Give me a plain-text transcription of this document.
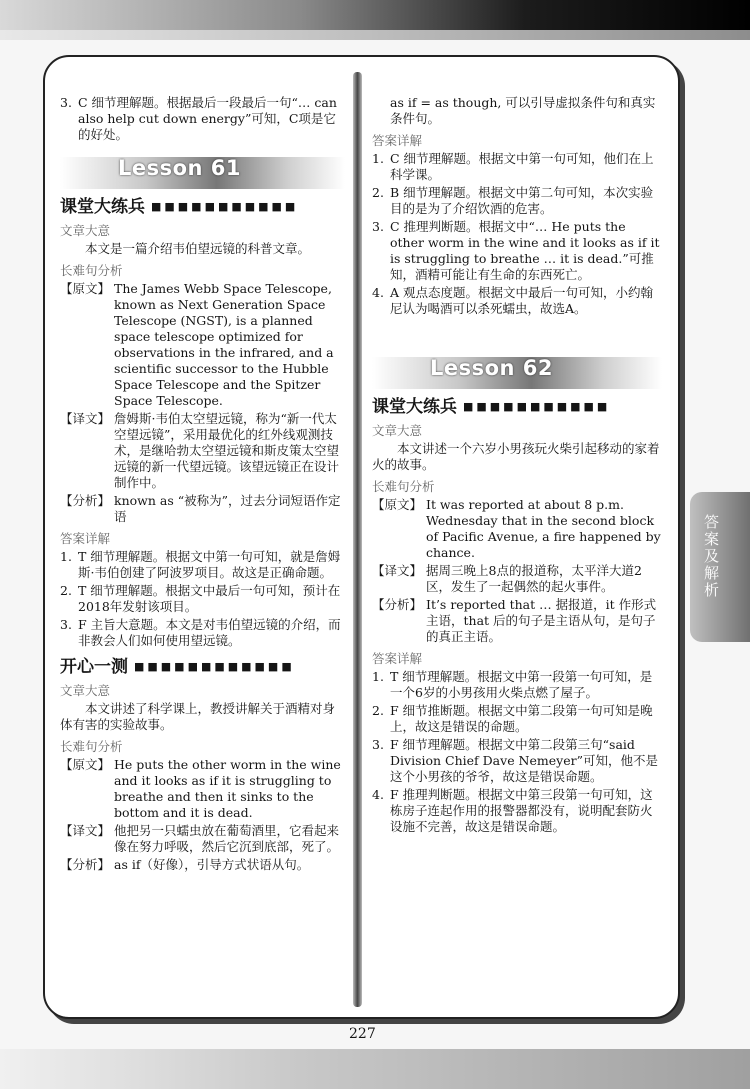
3. C 细节理解题。根据最后一段最后一句“… can also help cut down energy”可知，C项是它的好处。
Lesson 61
课堂大练兵 ■■■■■■■■■■■
文章大意

本文是一篇介绍韦伯望远镜的科普文章。

长难句分析
【原文】 The James Webb Space Telescope, known as Next Generation Space Telescope (NGST), is a planned space telescope optimized for observations in the infrared, and a scientific successor to the Hubble Space Telescope and the Spitzer Space Telescope.
【译文】 詹姆斯·韦伯太空望远镜，称为“新一代太空望远镜”，采用最优化的红外线观测技术，是继哈勃太空望远镜和斯皮策太空望远镜的新一代望远镜。该望远镜正在设计制作中。
【分析】 known as “被称为”，过去分词短语作定语
答案详解
1. T 细节理解题。根据文中第一句可知，就是詹姆斯·韦伯创建了阿波罗项目。故这是正确命题。
2. T 细节理解题。根据文中最后一句可知，预计在2018年发射该项目。
3. F 主旨大意题。本文是对韦伯望远镜的介绍，而非教会人们如何使用望远镜。
开心一测 ■■■■■■■■■■■■
文章大意

本文讲述了科学课上，教授讲解关于酒精对身体有害的实验故事。

长难句分析
【原文】 He puts the other worm in the wine and it looks as if it is struggling to breathe and then it sinks to the bottom and it is dead.
【译文】 他把另一只蠕虫放在葡萄酒里，它看起来像在努力呼吸，然后它沉到底部，死了。
【分析】 as if（好像），引导方式状语从句。
as if = as though, 可以引导虚拟条件句和真实条件句。
答案详解
1. C 细节理解题。根据文中第一句可知，他们在上科学课。
2. B 细节理解题。根据文中第二句可知，本次实验目的是为了介绍饮酒的危害。
3. C 推理判断题。根据文中“… He puts the other worm in the wine and it looks as if it is struggling to breathe … it is dead.”可推知，酒精可能让有生命的东西死亡。
4. A 观点态度题。根据文中最后一句可知，小约翰尼认为喝酒可以杀死蠕虫，故选A。
Lesson 62
课堂大练兵 ■■■■■■■■■■■
文章大意

本文讲述一个六岁小男孩玩火柴引起移动的家着火的故事。

长难句分析
【原文】 It was reported at about 8 p.m. Wednesday that in the second block of Pacific Avenue, a fire happened by chance.
【译文】 据周三晚上8点的报道称，太平洋大道2区，发生了一起偶然的起火事件。
【分析】 It’s reported that … 据报道，it 作形式主语，that 后的句子是主语从句，是句子的真正主语。
答案详解
1. T 细节理解题。根据文中第一段第一句可知，是一个6岁的小男孩用火柴点燃了屋子。
2. F 细节推断题。根据文中第二段第一句可知是晚上，故这是错误的命题。
3. F 细节理解题。根据文中第二段第三句“said Division Chief Dave Nemeyer”可知，他不是这个小男孩的爷爷，故这是错误命题。
4. F 推理判断题。根据文中第三段第一句可知，这栋房子连起作用的报警器都没有，说明配套防火设施不完善，故这是错误命题。
答案及解析
227
